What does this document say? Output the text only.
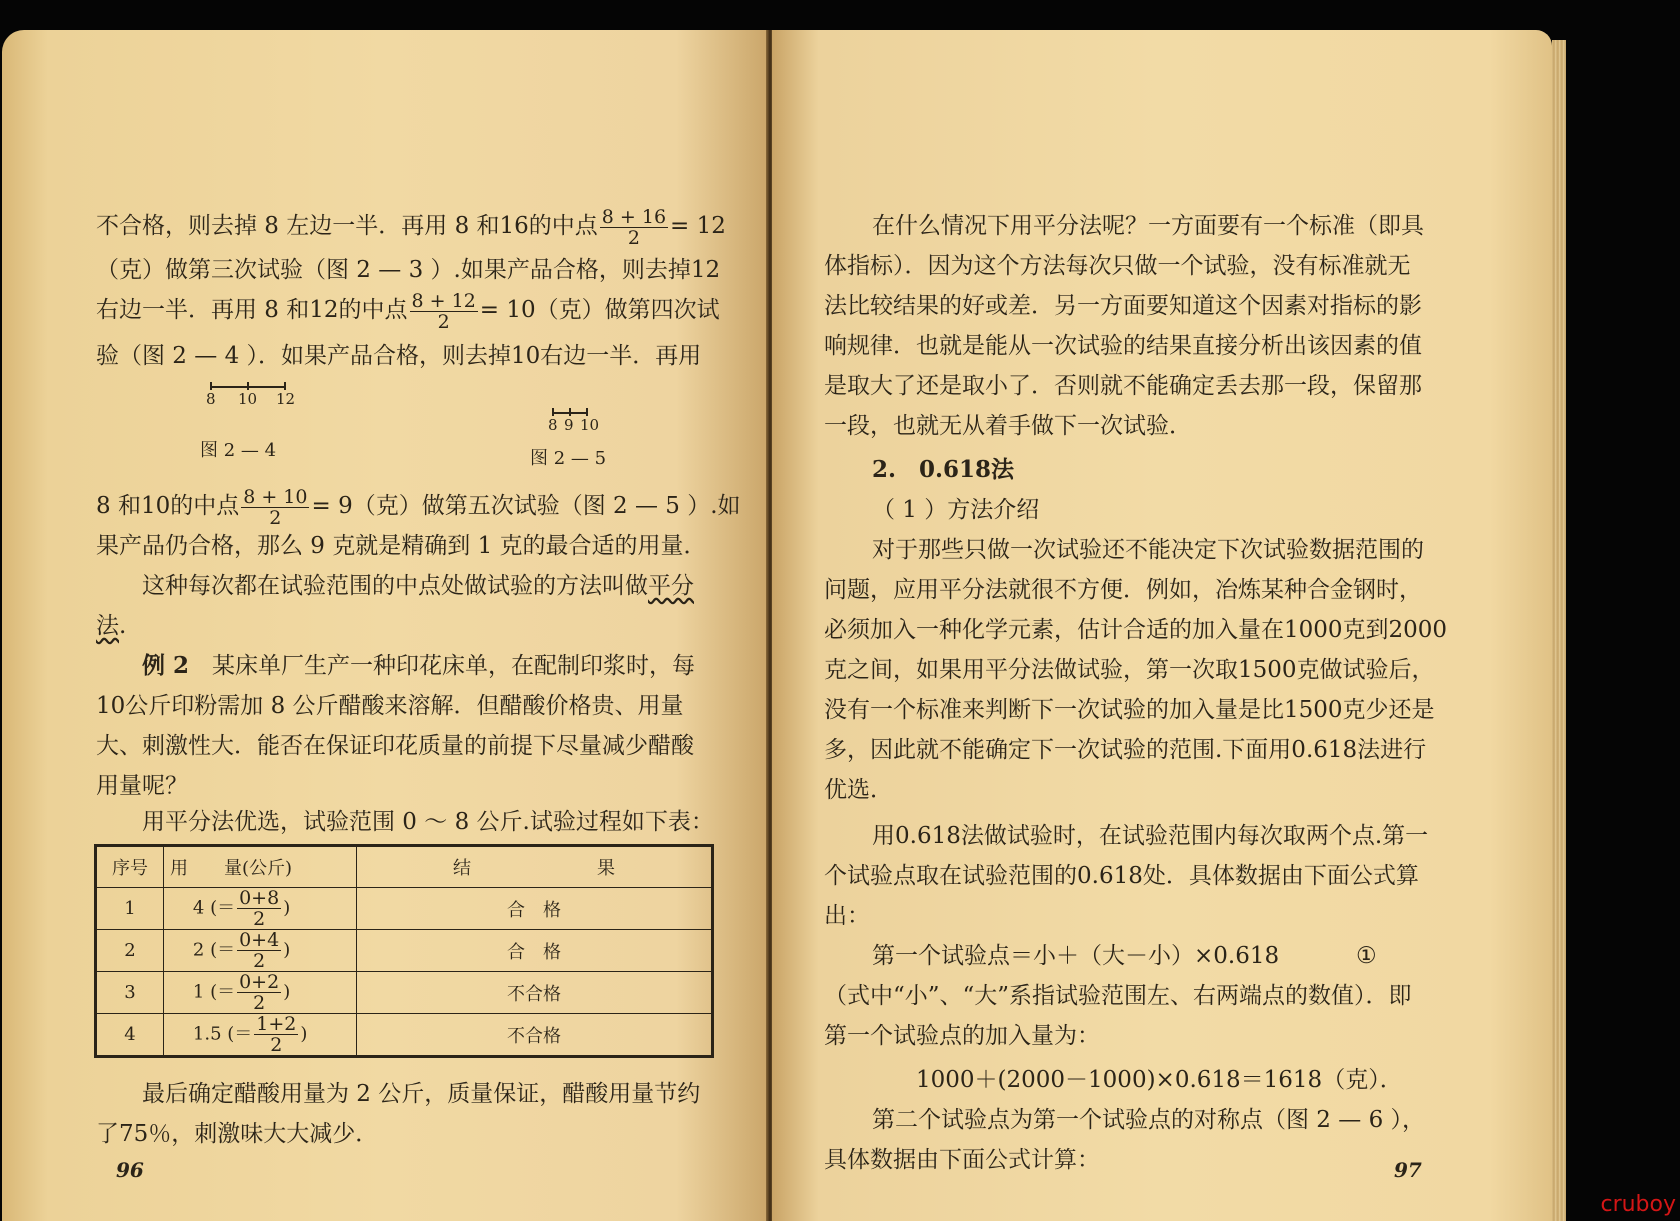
不合格，则去掉 8 左边一半．再用 8 和16的中点 $\frac{8 + 16}{2} = 12$
（克）做第三次试验（图 2 — 3 ）.如果产品合格，则去掉12
右边一半．再用 8 和12的中点 $\frac{8 + 12}{2} = 10$（克）做第四次试
验（图 2 — 4 ）．如果产品合格，则去掉10右边一半．再用
8 10 12
图 2 — 4
8 9 10
图 2 — 5
8 和10的中点 $\frac{8 + 10}{2} = 9$（克）做第五次试验（图 2 — 5 ）.如
果产品仍合格，那么 9 克就是精确到 1 克的最合适的用量．
这种每次都在试验范围的中点处做试验的方法叫做平分
法.
例 2　 某床单厂生产一种印花床单，在配制印浆时，每
10公斤印粉需加 8 公斤醋酸来溶解．但醋酸价格贵、用量
大、刺激性大．能否在保证印花质量的前提下尽量减少醋酸
用量呢？
用平分法优选，试验范围 0 ～ 8 公斤.试验过程如下表：
序号	用　　量(公斤)	结　　　　　　　果
1	4 (＝ $\frac{0+8}{2}$ )	合　格
2	2 (＝ $\frac{0+4}{2}$ )	合　格
3	1 (＝ $\frac{0+2}{2}$ )	不合格
4	1.5 (＝ $\frac{1+2}{2}$ )	不合格
最后确定醋酸用量为 2 公斤，质量保证，醋酸用量节约
了75％，刺激味大大减少．
96
在什么情况下用平分法呢？一方面要有一个标准（即具
体指标）．因为这个方法每次只做一个试验，没有标准就无
法比较结果的好或差．另一方面要知道这个因素对指标的影
响规律．也就是能从一次试验的结果直接分析出该因素的值
是取大了还是取小了．否则就不能确定丢去那一段，保留那
一段，也就无从着手做下一次试验．
2.　0.618法
（ 1 ）方法介绍
对于那些只做一次试验还不能决定下次试验数据范围的
问题，应用平分法就很不方便．例如，冶炼某种合金钢时，
必须加入一种化学元素，估计合适的加入量在1000克到2000
克之间，如果用平分法做试验，第一次取1500克做试验后，
没有一个标准来判断下一次试验的加入量是比1500克少还是
多，因此就不能确定下一次试验的范围.下面用0.618法进行
优选．
用0.618法做试验时，在试验范围内每次取两个点.第一
个试验点取在试验范围的0.618处．具体数据由下面公式算
出：
第一个试验点＝小＋（大－小）×0.618	①
（式中“小”、“大”系指试验范围左、右两端点的数值）．即
第一个试验点的加入量为：
1000＋(2000－1000)×0.618＝1618（克）．
第二个试验点为第一个试验点的对称点（图 2 — 6 ），
具体数据由下面公式计算：	97
cruboy
